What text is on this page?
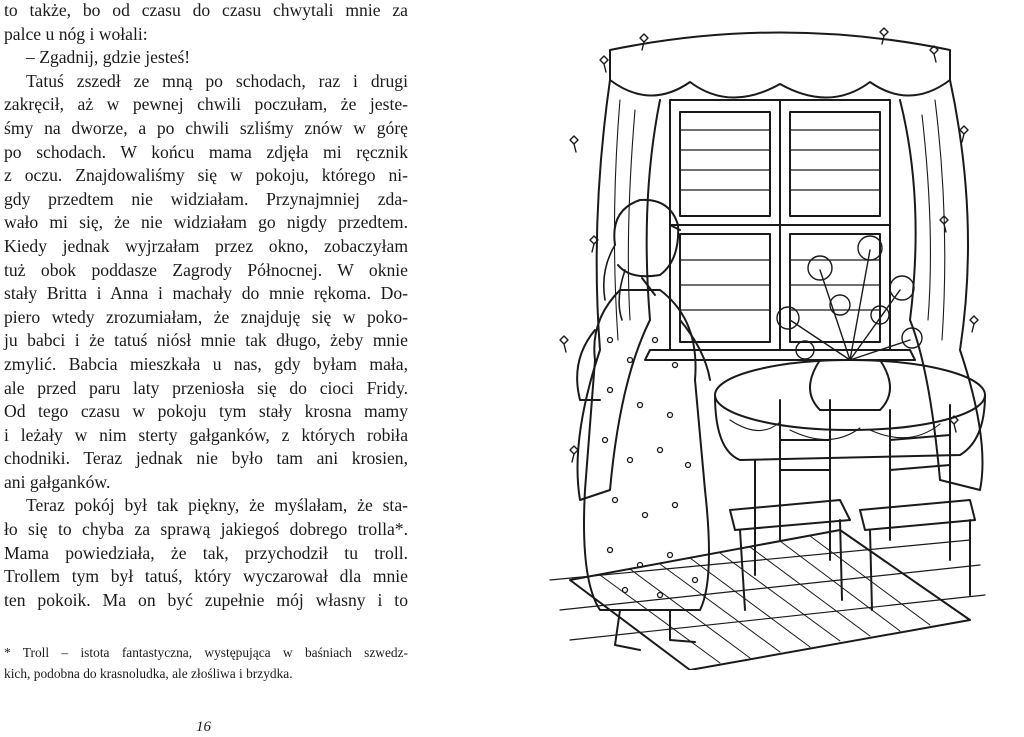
to także, bo od czasu do czasu chwytali mnie za
palce u nóg i wołali:
– Zgadnij, gdzie jesteś!
Tatuś zszedł ze mną po schodach, raz i drugi
zakręcił, aż w pewnej chwili poczułam, że jeste-
śmy na dworze, a po chwili szliśmy znów w górę
po schodach. W końcu mama zdjęła mi ręcznik
z oczu. Znajdowaliśmy się w pokoju, którego ni-
gdy przedtem nie widziałam. Przynajmniej zda-
wało mi się, że nie widziałam go nigdy przedtem.
Kiedy jednak wyjrzałam przez okno, zobaczyłam
tuż obok poddasze Zagrody Północnej. W oknie
stały Britta i Anna i machały do mnie rękoma. Do-
piero wtedy zrozumiałam, że znajduję się w poko-
ju babci i że tatuś niósł mnie tak długo, żeby mnie
zmylić. Babcia mieszkała u nas, gdy byłam mała,
ale przed paru laty przeniosła się do cioci Fridy.
Od tego czasu w pokoju tym stały krosna mamy
i leżały w nim sterty gałganków, z których robiła
chodniki. Teraz jednak nie było tam ani krosien,
ani gałganków.
Teraz pokój był tak piękny, że myślałam, że sta-
ło się to chyba za sprawą jakiegoś dobrego trolla*.
Mama powiedziała, że tak, przychodził tu troll.
Trollem tym był tatuś, który wyczarował dla mnie
ten pokoik. Ma on być zupełnie mój własny i to
* Troll – istota fantastyczna, występująca w baśniach szwedz-
kich, podobna do krasnoludka, ale złośliwa i brzydka.
16
